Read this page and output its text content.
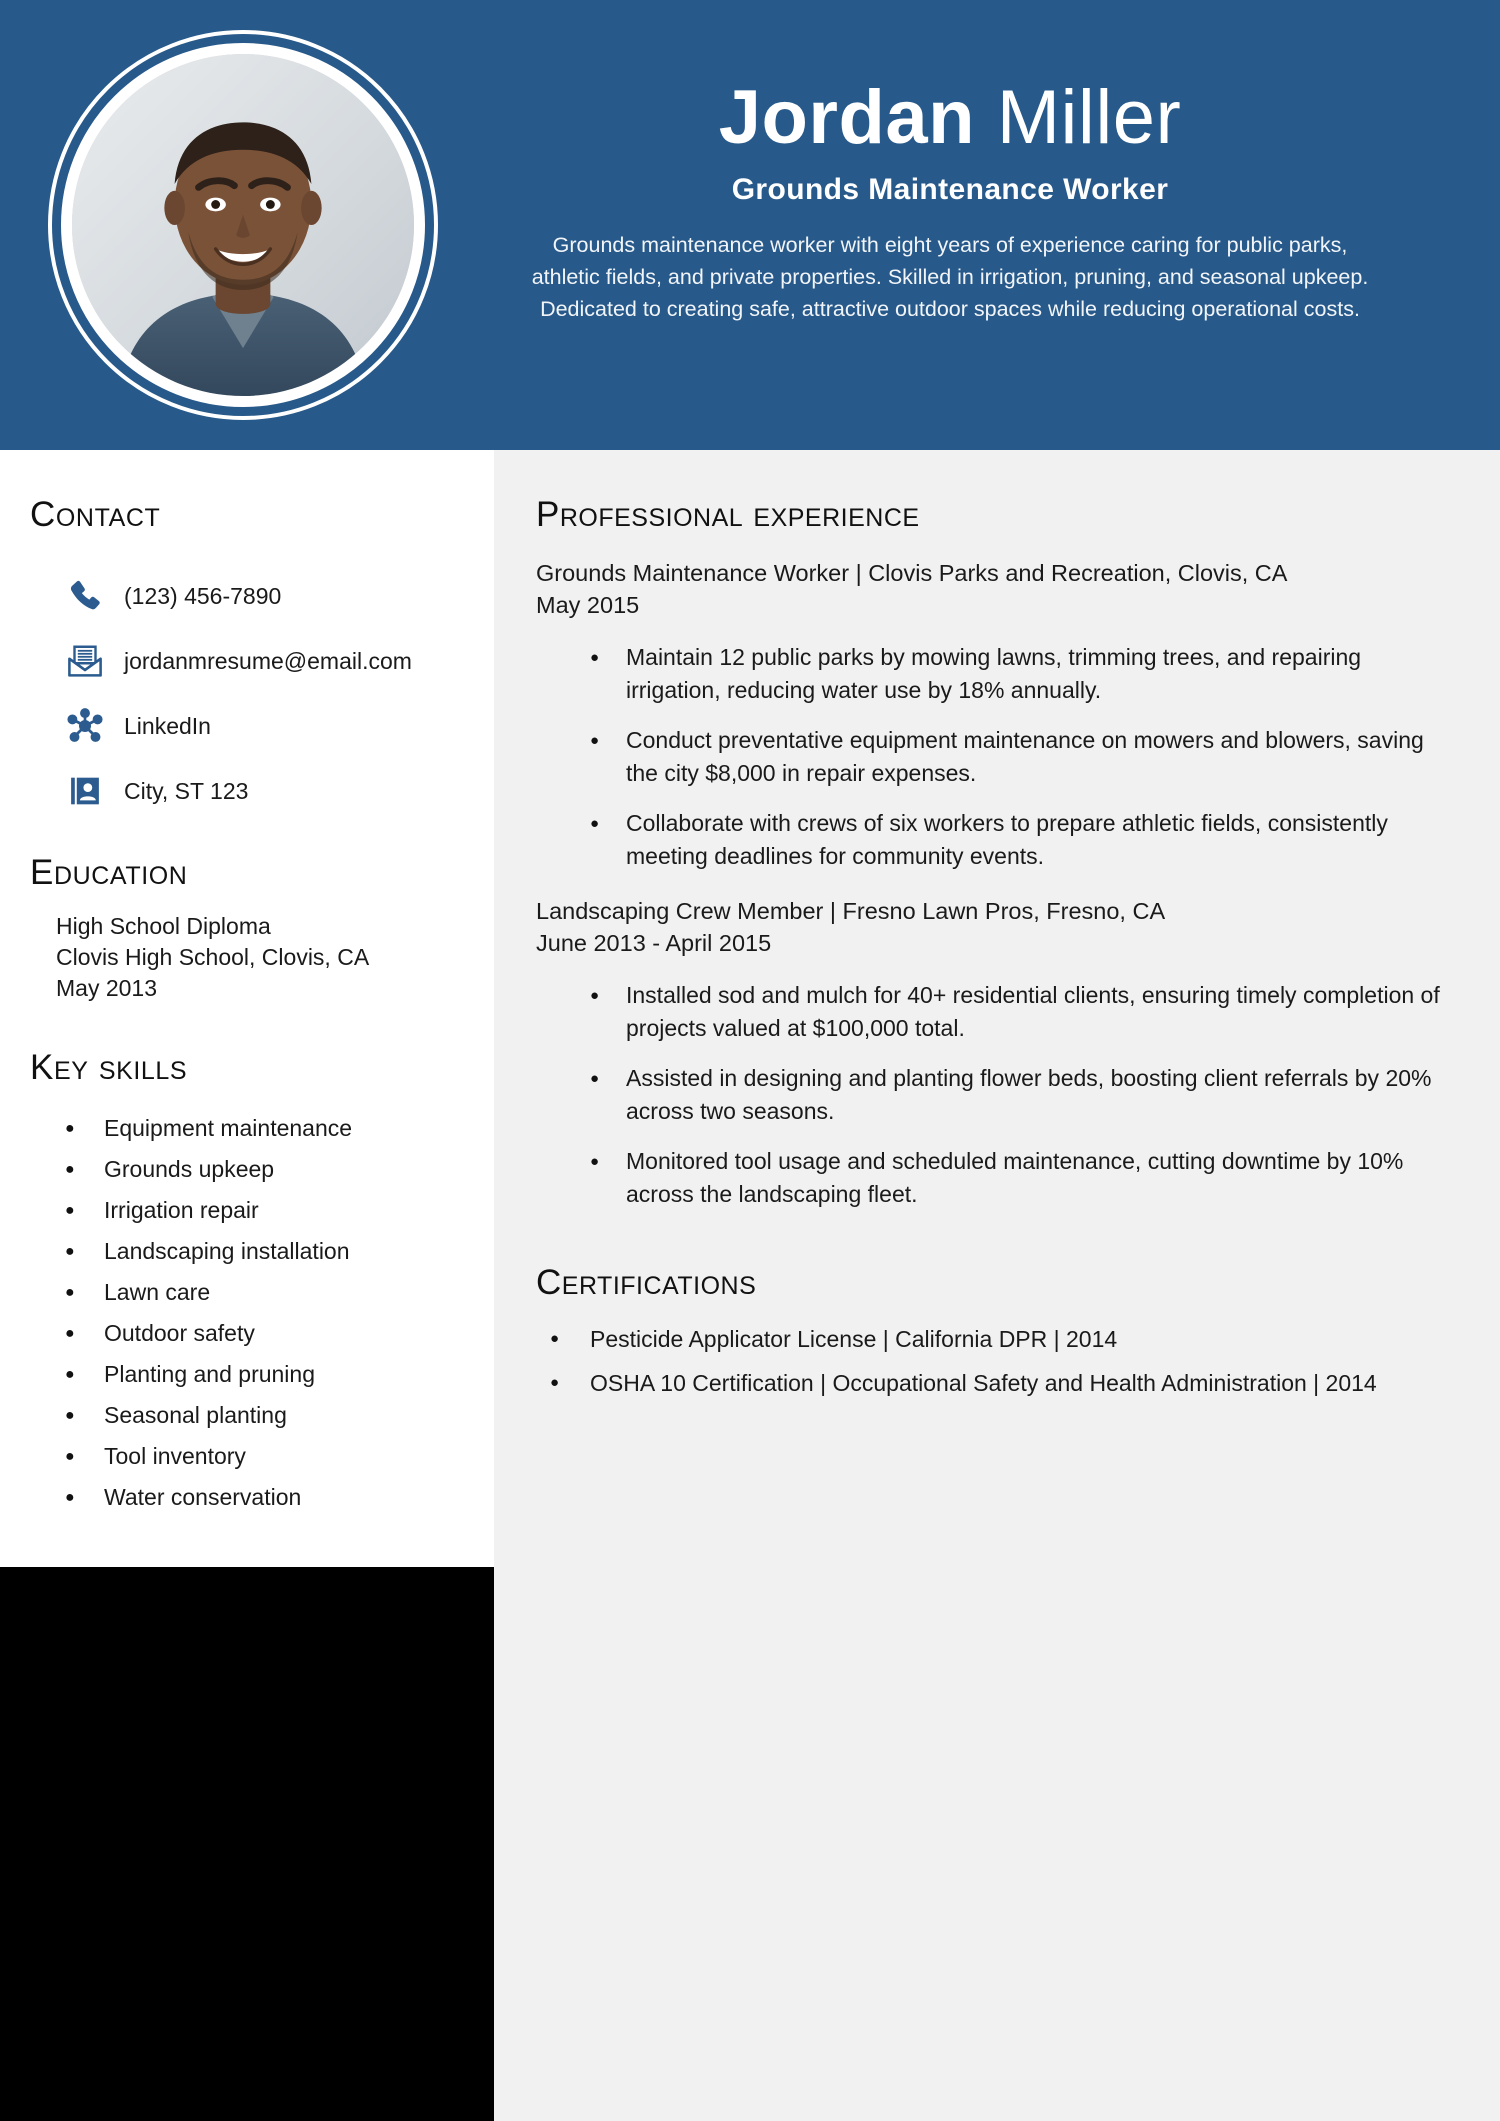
Jordan Miller
Grounds Maintenance Worker
Grounds maintenance worker with eight years of experience caring for public parks, athletic fields, and private properties. Skilled in irrigation, pruning, and seasonal upkeep. Dedicated to creating safe, attractive outdoor spaces while reducing operational costs.
Contact
(123) 456-7890
jordanmresume@email.com
LinkedIn
City, ST 123
Education
High School Diploma
Clovis High School, Clovis, CA
May 2013
Key skills
● Equipment maintenance
● Grounds upkeep
● Irrigation repair
● Landscaping installation
● Lawn care
● Outdoor safety
● Planting and pruning
● Seasonal planting
● Tool inventory
● Water conservation
Professional experience
Grounds Maintenance Worker | Clovis Parks and Recreation, Clovis, CA
May 2015
● Maintain 12 public parks by mowing lawns, trimming trees, and repairing irrigation, reducing water use by 18% annually.
● Conduct preventative equipment maintenance on mowers and blowers, saving the city $8,000 in repair expenses.
● Collaborate with crews of six workers to prepare athletic fields, consistently meeting deadlines for community events.
Landscaping Crew Member | Fresno Lawn Pros, Fresno, CA
June 2013 - April 2015
● Installed sod and mulch for 40+ residential clients, ensuring timely completion of projects valued at $100,000 total.
● Assisted in designing and planting flower beds, boosting client referrals by 20% across two seasons.
● Monitored tool usage and scheduled maintenance, cutting downtime by 10% across the landscaping fleet.
Certifications
● Pesticide Applicator License | California DPR | 2014
● OSHA 10 Certification | Occupational Safety and Health Administration | 2014
